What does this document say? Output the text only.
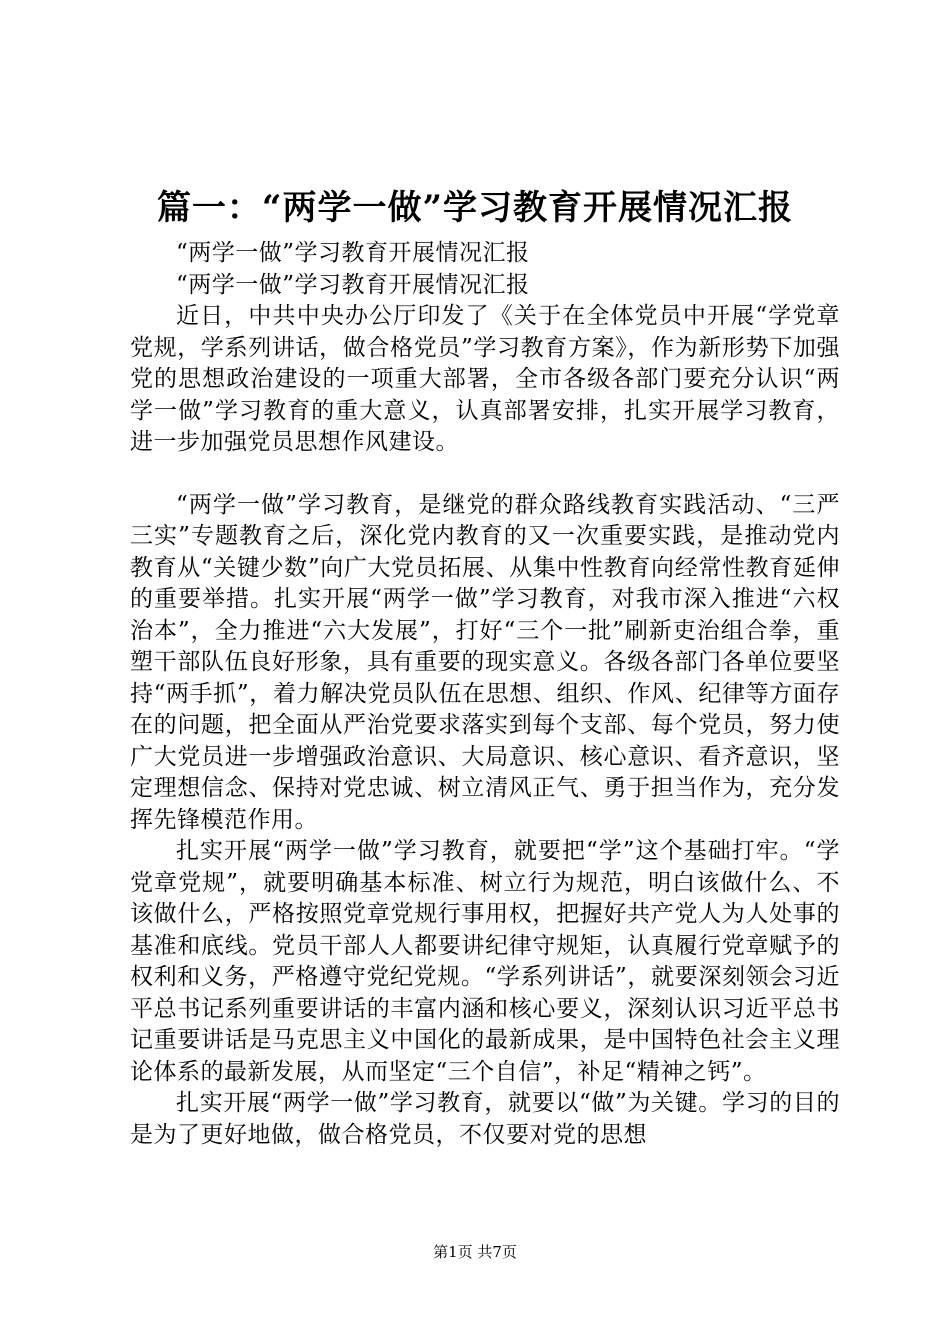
篇一：“两学一做”学习教育开展情况汇报

“两学一做”学习教育开展情况汇报

“两学一做”学习教育开展情况汇报

近日，中共中央办公厅印发了《关于在全体党员中开展“学党章党规，学系列讲话，做合格党员”学习教育方案》，作为新形势下加强党的思想政治建设的一项重大部署，全市各级各部门要充分认识“两学一做”学习教育的重大意义，认真部署安排，扎实开展学习教育，进一步加强党员思想作风建设。

“两学一做”学习教育，是继党的群众路线教育实践活动、“三严三实”专题教育之后，深化党内教育的又一次重要实践，是推动党内教育从“关键少数”向广大党员拓展、从集中性教育向经常性教育延伸的重要举措。扎实开展“两学一做”学习教育，对我市深入推进“六权治本”，全力推进“六大发展”，打好“三个一批”刷新吏治组合拳，重塑干部队伍良好形象，具有重要的现实意义。各级各部门各单位要坚持“两手抓”，着力解决党员队伍在思想、组织、作风、纪律等方面存在的问题，把全面从严治党要求落实到每个支部、每个党员，努力使广大党员进一步增强政治意识、大局意识、核心意识、看齐意识，坚定理想信念、保持对党忠诚、树立清风正气、勇于担当作为，充分发挥先锋模范作用。

扎实开展“两学一做”学习教育，就要把“学”这个基础打牢。“学党章党规”，就要明确基本标准、树立行为规范，明白该做什么、不该做什么，严格按照党章党规行事用权，把握好共产党人为人处事的基准和底线。党员干部人人都要讲纪律守规矩，认真履行党章赋予的权利和义务，严格遵守党纪党规。“学系列讲话”，就要深刻领会习近平总书记系列重要讲话的丰富内涵和核心要义，深刻认识习近平总书记重要讲话是马克思主义中国化的最新成果，是中国特色社会主义理论体系的最新发展，从而坚定“三个自信”，补足“精神之钙”。

扎实开展“两学一做”学习教育，就要以“做”为关键。学习的目的是为了更好地做，做合格党员，不仅要对党的思想

第1页 共7页
